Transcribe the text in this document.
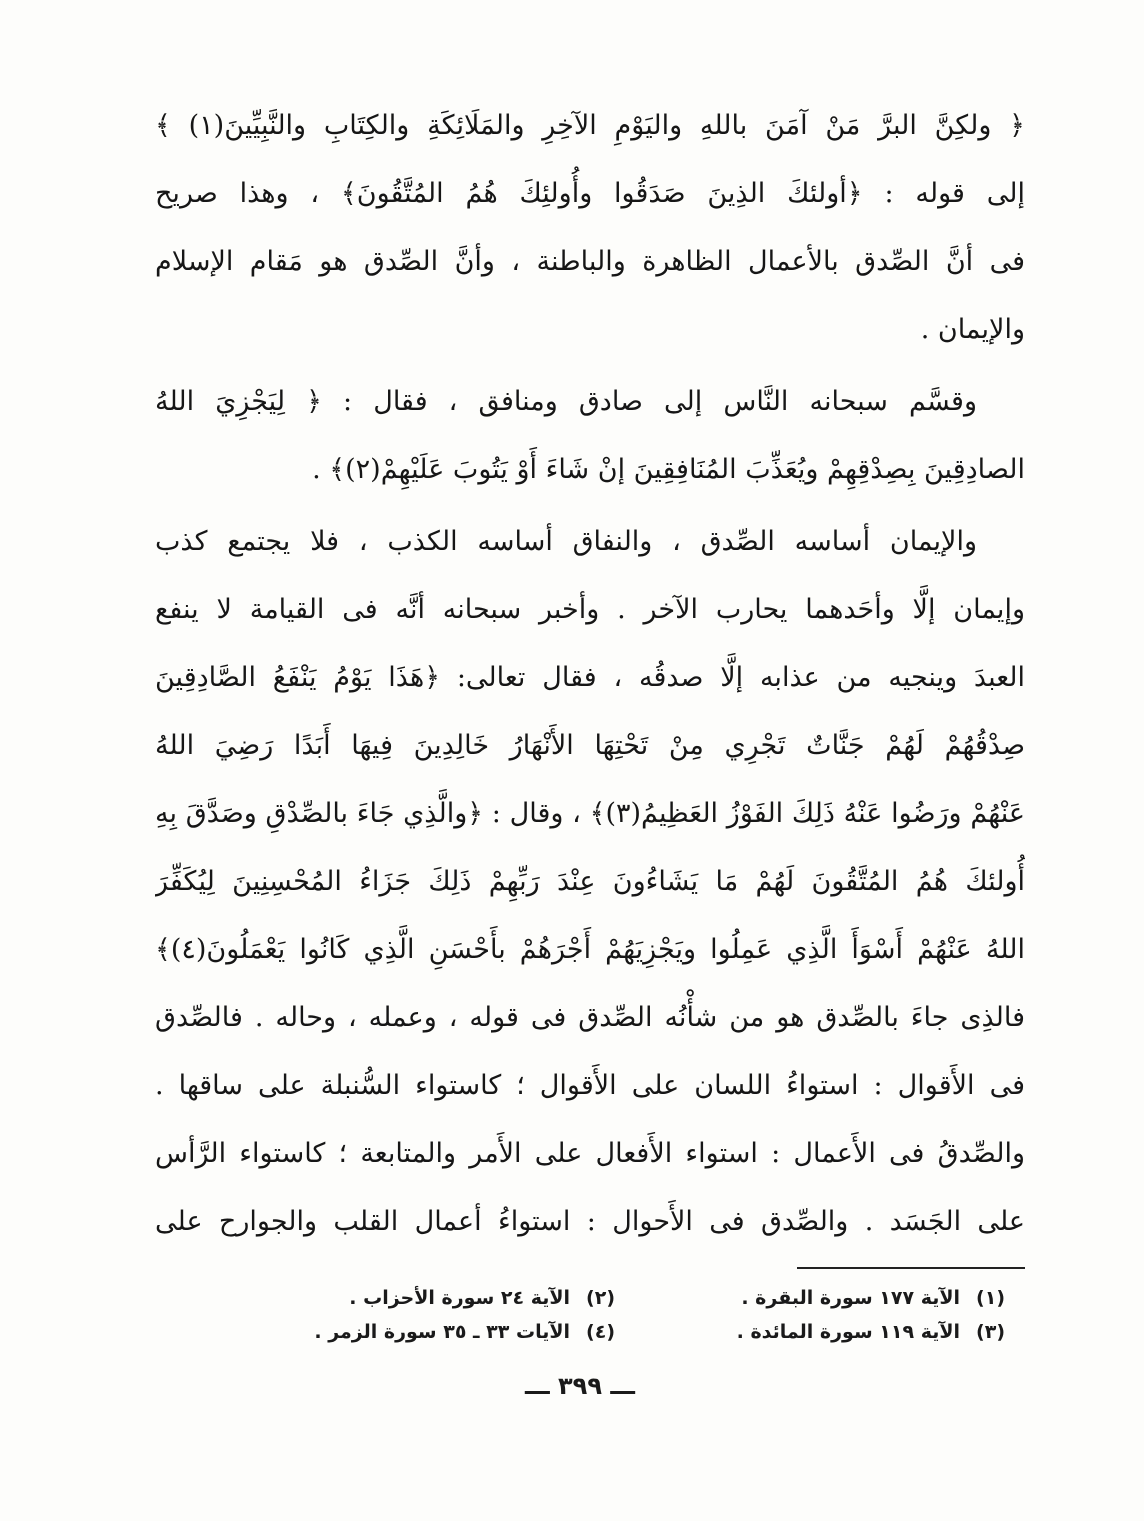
﴿ ولكِنَّ البرَّ مَنْ آمَنَ باللهِ واليَوْمِ الآخِرِ والمَلَائِكَةِ والكِتَابِ والنَّبِيِّينَ(١) ﴾
إلى قوله : ﴿أولئكَ الذِينَ صَدَقُوا وأُولئِكَ هُمُ المُتَّقُونَ﴾ ، وهذا صريح
فى أنَّ الصِّدق بالأعمال الظاهرة والباطنة ، وأنَّ الصِّدق هو مَقام الإسلام
والإيمان .
وقسَّم سبحانه النَّاس إلى صادق ومنافق ، فقال : ﴿ لِيَجْزِيَ اللهُ
الصادِقِينَ بِصِدْقِهِمْ ويُعَذِّبَ المُنَافِقِينَ إنْ شَاءَ أَوْ يَتُوبَ عَلَيْهِمْ(٢)﴾ .
والإيمان أساسه الصِّدق ، والنفاق أساسه الكذب ، فلا يجتمع كذب
وإيمان إلَّا وأحَدهما يحارب الآخر . وأخبر سبحانه أنَّه فى القيامة لا ينفع
العبدَ وينجيه من عذابه إلَّا صدقُه ، فقال تعالى: ﴿هَذَا يَوْمُ يَنْفَعُ الصَّادِقِينَ
صِدْقُهُمْ لَهُمْ جَنَّاتٌ تَجْرِي مِنْ تَحْتِهَا الأَنْهَارُ خَالِدِينَ فِيهَا أَبَدًا رَضِيَ اللهُ
عَنْهُمْ ورَضُوا عَنْهُ ذَلِكَ الفَوْزُ العَظِيمُ(٣)﴾ ، وقال : ﴿والَّذِي جَاءَ بالصِّدْقِ وصَدَّقَ بِهِ
أُولئكَ هُمُ المُتَّقُونَ لَهُمْ مَا يَشَاءُونَ عِنْدَ رَبِّهِمْ ذَلِكَ جَزَاءُ المُحْسِنِينَ لِيُكَفِّرَ
اللهُ عَنْهُمْ أَسْوَأَ الَّذِي عَمِلُوا ويَجْزِيَهُمْ أَجْرَهُمْ بأَحْسَنِ الَّذِي كَانُوا يَعْمَلُونَ(٤)﴾
فالذِى جاءَ بالصِّدق هو من شأْنُه الصِّدق فى قوله ، وعمله ، وحاله . فالصِّدق
فى الأَقوال : استواءُ اللسان على الأَقوال ؛ كاستواء السُّنبلة على ساقها .
والصِّدقُ فى الأَعمال : استواء الأَفعال على الأَمر والمتابعة ؛ كاستواء الرَّأس
على الجَسَد . والصِّدق فى الأَحوال : استواءُ أعمال القلب والجوارح على
(١)الآية ١٧٧ سورة البقرة .
(٢)الآية ٢٤ سورة الأحزاب .
(٣)الآية ١١٩ سورة المائدة .
(٤)الآيات ٣٣ ـ ٣٥ سورة الزمر .
ـــ ٣٩٩ ـــ
